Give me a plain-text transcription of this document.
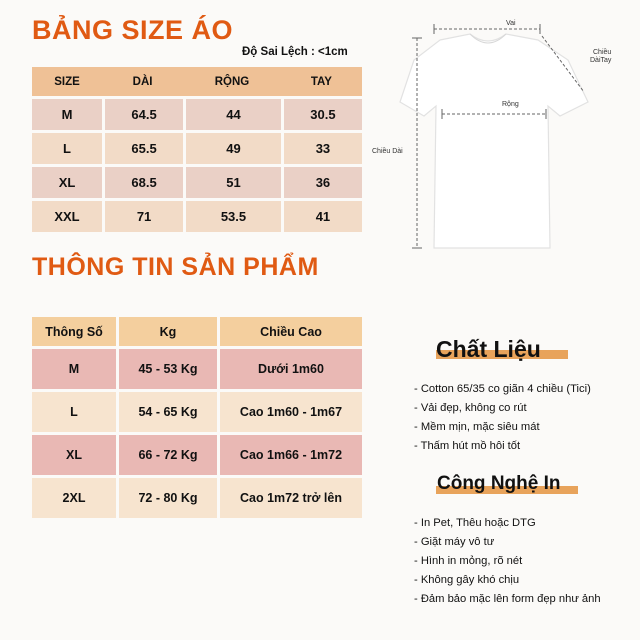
BẢNG SIZE ÁO
Độ Sai Lệch : <1cm
SIZE	DÀI	RỘNG	TAY
M	64.5	44	30.5
L	65.5	49	33
XL	68.5	51	36
XXL	71	53.5	41
Vai
Chiều
DàiTay
Rộng
Chiều Dài
THÔNG TIN SẢN PHẨM
Thông Số	Kg	Chiều Cao
M	45 - 53 Kg	Dưới 1m60
L	54 - 65 Kg	Cao 1m60 - 1m67
XL	66 - 72 Kg	Cao 1m66 - 1m72
2XL	72 - 80 Kg	Cao 1m72 trở lên
Chất Liệu
- Cotton 65/35 co giãn 4 chiều (Tici)
- Vải đẹp, không co rút
- Mềm mịn, mặc siêu mát
- Thấm hút mồ hôi tốt
Công Nghệ In
- In Pet, Thêu hoặc DTG
- Giặt máy vô tư
- Hình in mỏng, rõ nét
- Không gây khó chịu
- Đảm bảo mặc lên form đẹp như ảnh
